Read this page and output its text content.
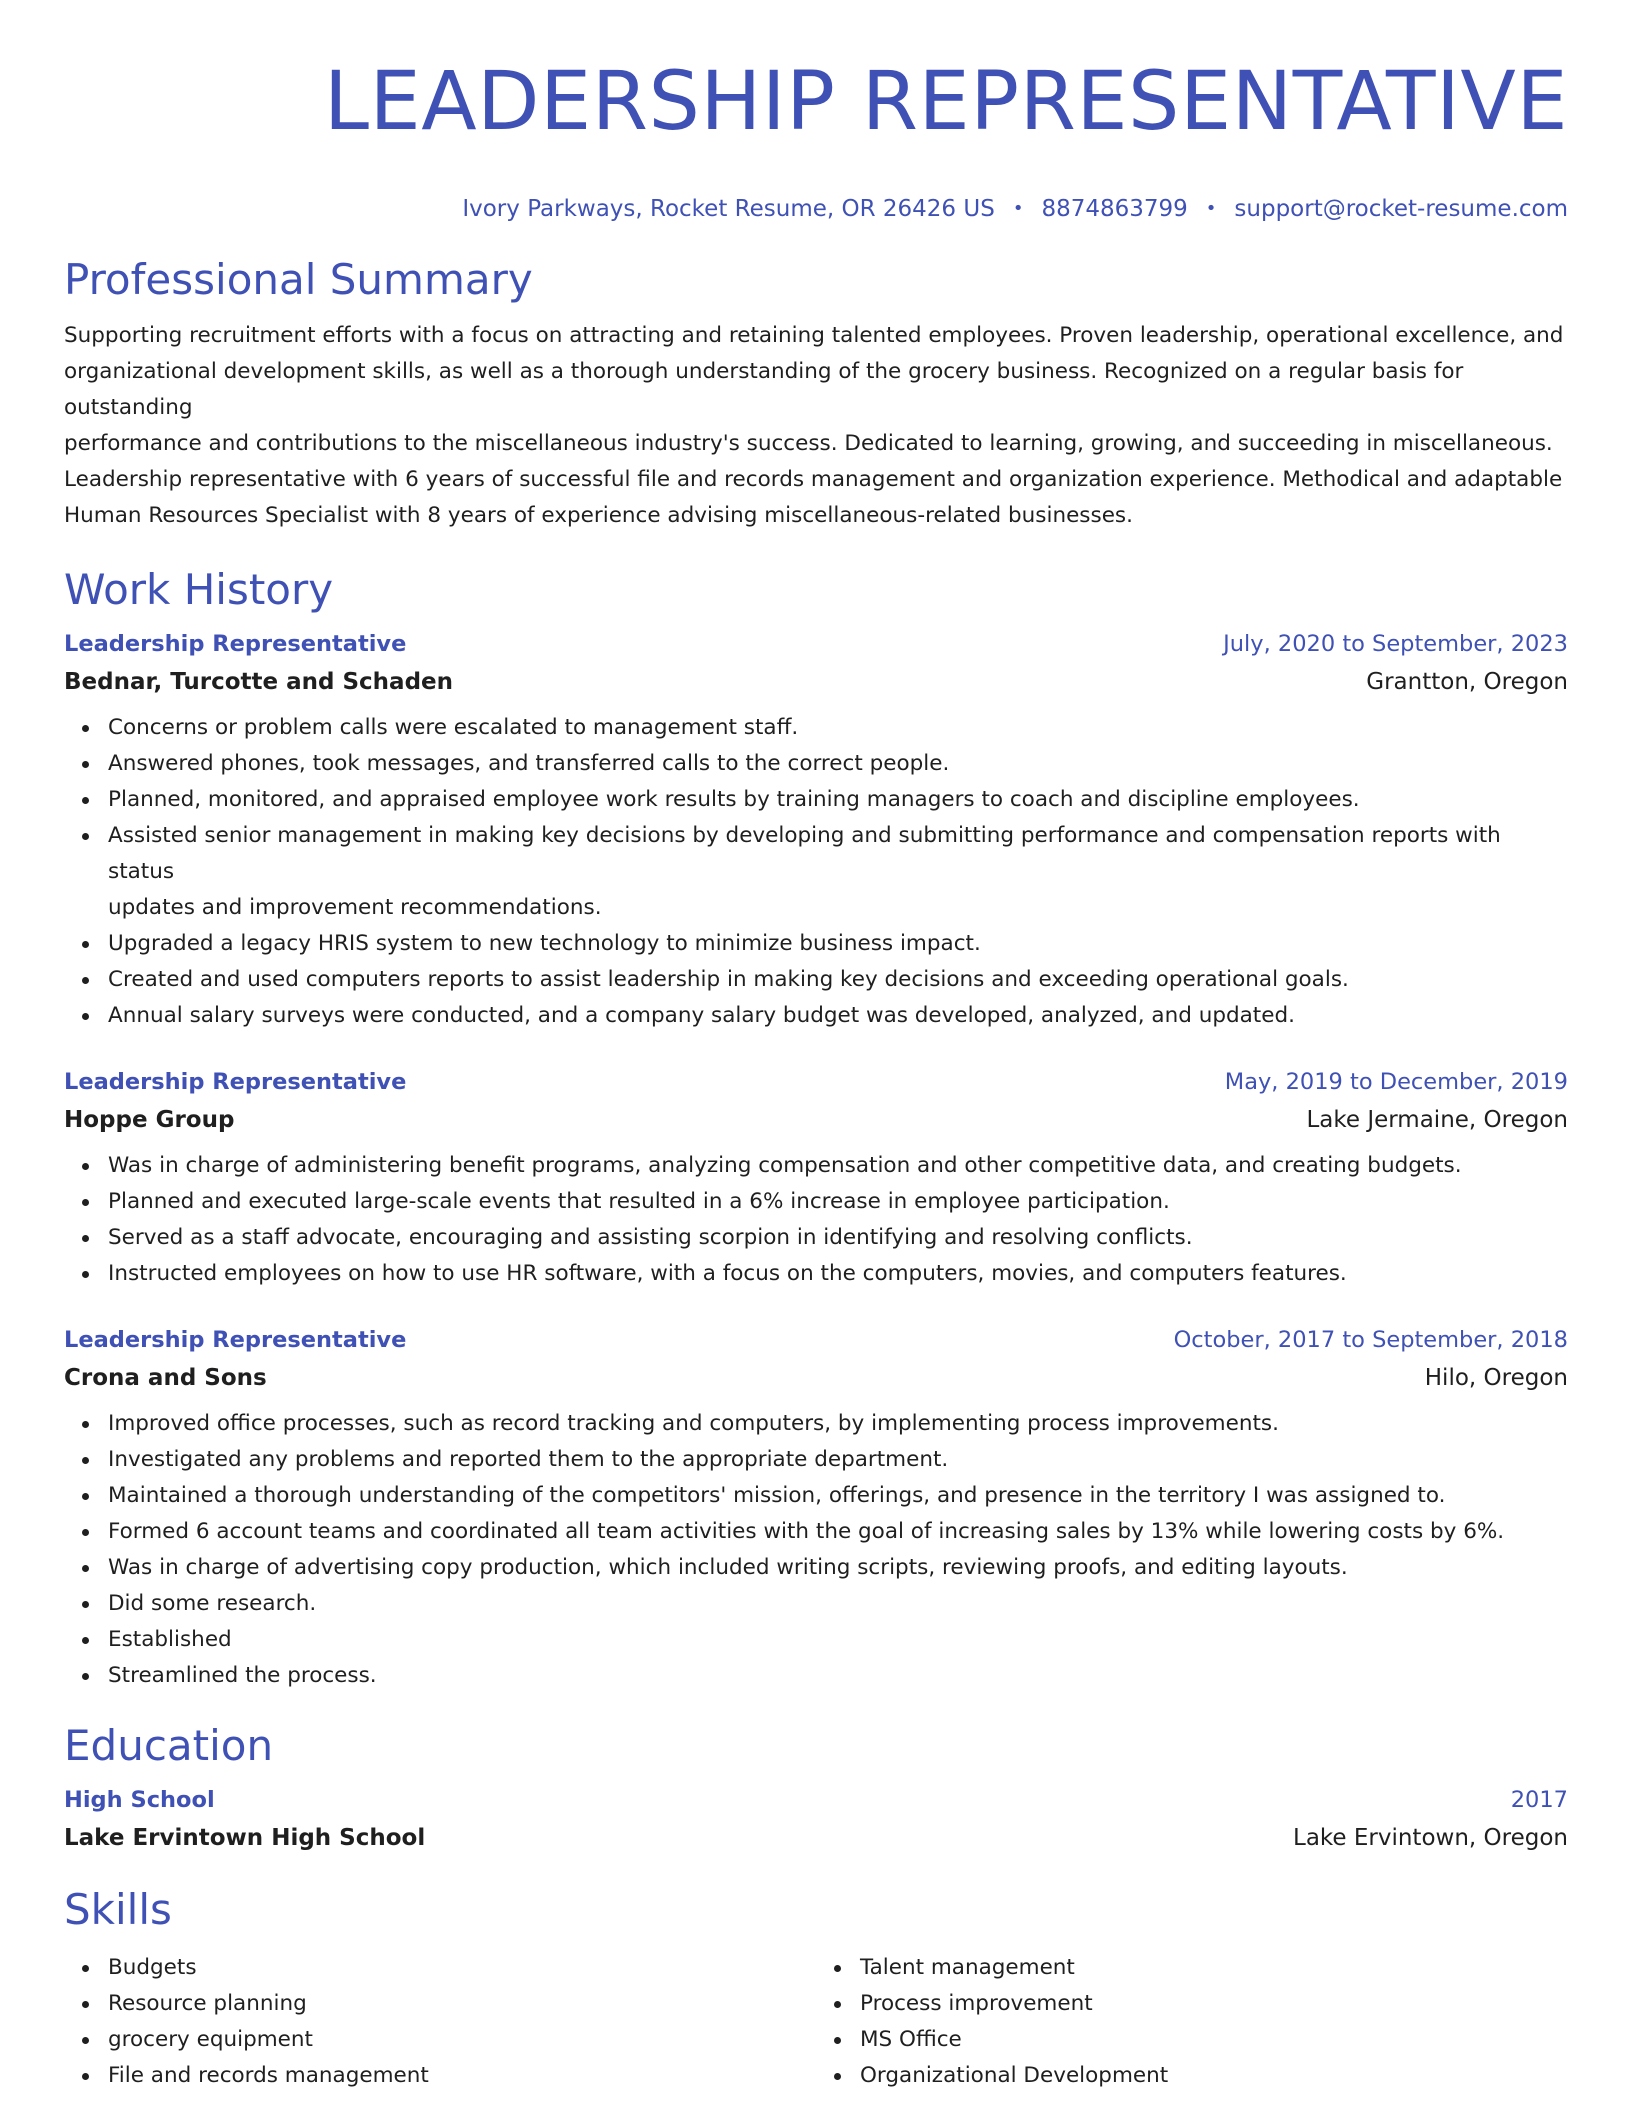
LEADERSHIP REPRESENTATIVE
Ivory Parkways, Rocket Resume, OR 26426 US • 8874863799 • support@rocket-resume.com
Professional Summary
Supporting recruitment efforts with a focus on attracting and retaining talented employees. Proven leadership, operational excellence, and
organizational development skills, as well as a thorough understanding of the grocery business. Recognized on a regular basis for outstanding
performance and contributions to the miscellaneous industry's success. Dedicated to learning, growing, and succeeding in miscellaneous.
Leadership representative with 6 years of successful file and records management and organization experience. Methodical and adaptable
Human Resources Specialist with 8 years of experience advising miscellaneous-related businesses.
Work History
Leadership Representative	July, 2020 to September, 2023
Bednar, Turcotte and Schaden	Grantton, Oregon
Concerns or problem calls were escalated to management staff.
Answered phones, took messages, and transferred calls to the correct people.
Planned, monitored, and appraised employee work results by training managers to coach and discipline employees.
Assisted senior management in making key decisions by developing and submitting performance and compensation reports with status
updates and improvement recommendations.
Upgraded a legacy HRIS system to new technology to minimize business impact.
Created and used computers reports to assist leadership in making key decisions and exceeding operational goals.
Annual salary surveys were conducted, and a company salary budget was developed, analyzed, and updated.
Leadership Representative	May, 2019 to December, 2019
Hoppe Group	Lake Jermaine, Oregon
Was in charge of administering benefit programs, analyzing compensation and other competitive data, and creating budgets.
Planned and executed large-scale events that resulted in a 6% increase in employee participation.
Served as a staff advocate, encouraging and assisting scorpion in identifying and resolving conflicts.
Instructed employees on how to use HR software, with a focus on the computers, movies, and computers features.
Leadership Representative	October, 2017 to September, 2018
Crona and Sons	Hilo, Oregon
Improved office processes, such as record tracking and computers, by implementing process improvements.
Investigated any problems and reported them to the appropriate department.
Maintained a thorough understanding of the competitors' mission, offerings, and presence in the territory I was assigned to.
Formed 6 account teams and coordinated all team activities with the goal of increasing sales by 13% while lowering costs by 6%.
Was in charge of advertising copy production, which included writing scripts, reviewing proofs, and editing layouts.
Did some research.
Established
Streamlined the process.
Education
High School	2017
Lake Ervintown High School	Lake Ervintown, Oregon
Skills
Budgets
Resource planning
grocery equipment
File and records management
Talent management
Process improvement
MS Office
Organizational Development
